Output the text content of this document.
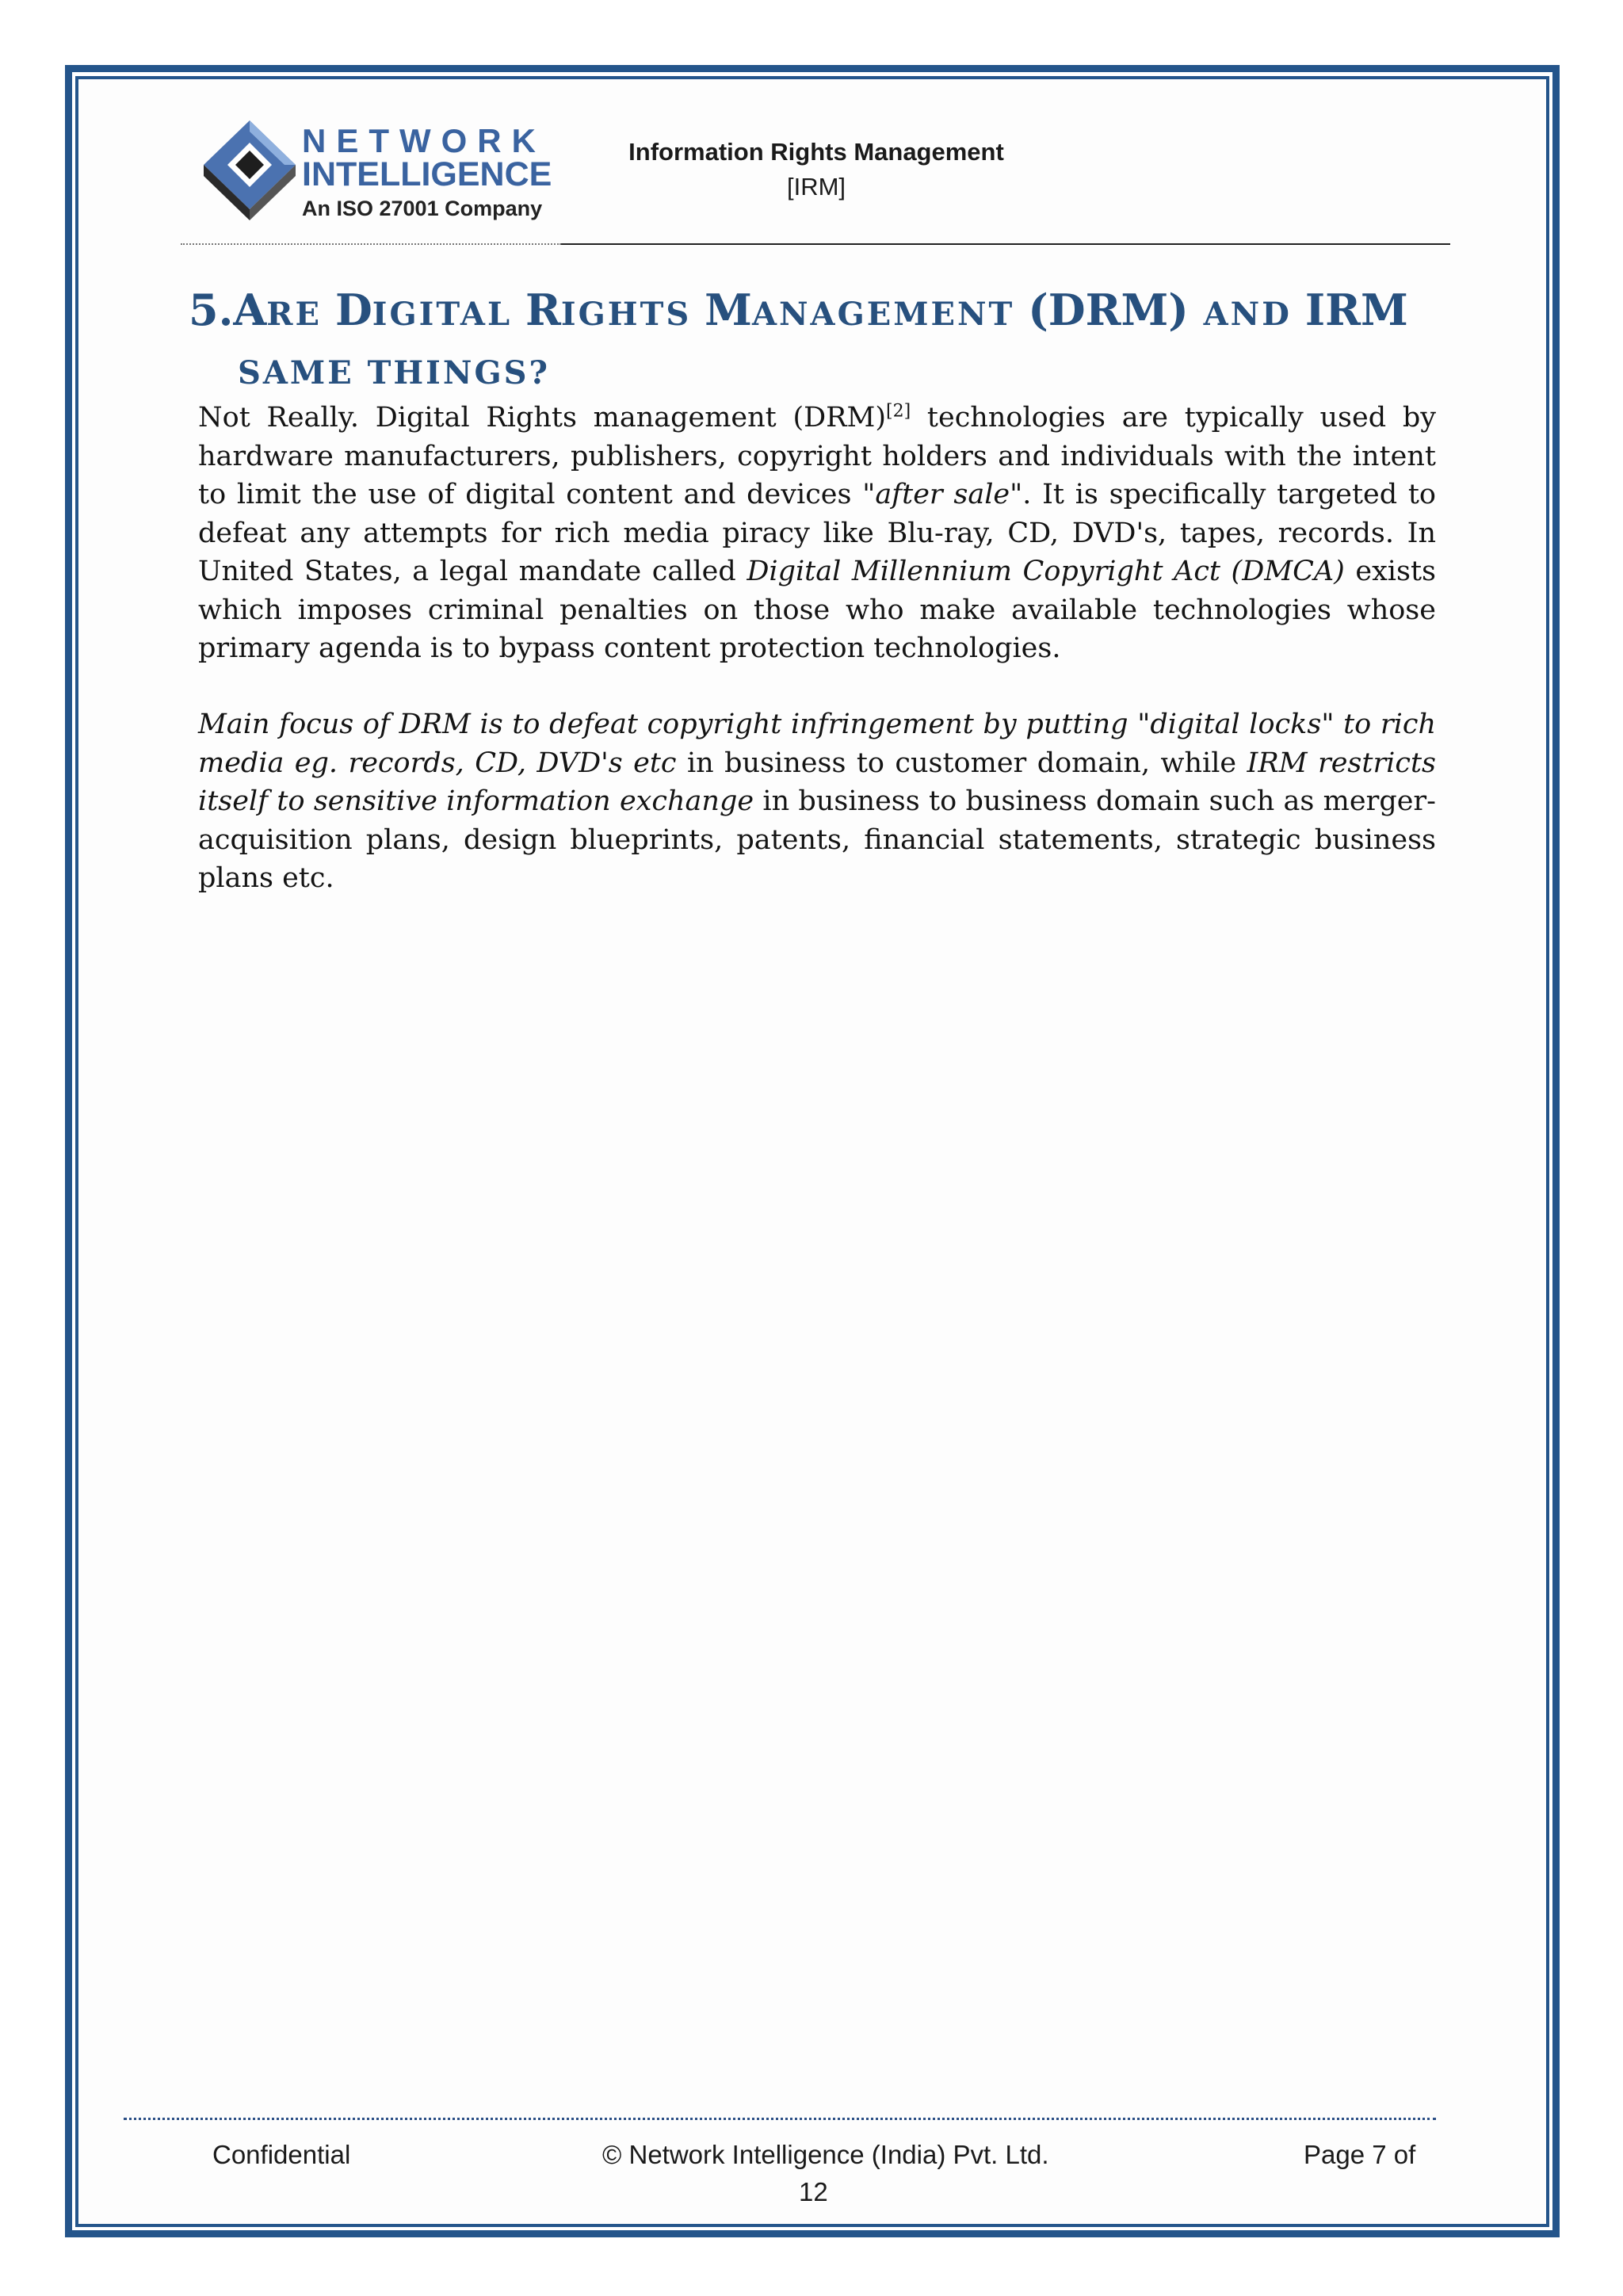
NETWORK
INTELLIGENCE
An ISO 27001 Company
Information Rights Management
[IRM]
5.ARE DIGITAL RIGHTS MANAGEMENT (DRM) AND IRM
SAME THINGS?

Not Really. Digital Rights management (DRM)[2] technologies are typically used by hardware manufacturers, publishers, copyright holders and individuals with the intent to limit the use of digital content and devices "after sale". It is specifically targeted to defeat any attempts for rich media piracy like Blu-ray, CD, DVD's, tapes, records. In United States, a legal mandate called Digital Millennium Copyright Act (DMCA) exists which imposes criminal penalties on those who make available technologies whose primary agenda is to bypass content protection technologies.

Main focus of DRM is to defeat copyright infringement by putting "digital locks" to rich media eg. records, CD, DVD's etc in business to customer domain, while IRM restricts itself to sensitive information exchange in business to business domain such as merger-acquisition plans, design blueprints, patents, financial statements, strategic business plans etc.

Confidential	© Network Intelligence (India) Pvt. Ltd.	Page 7 of
12
